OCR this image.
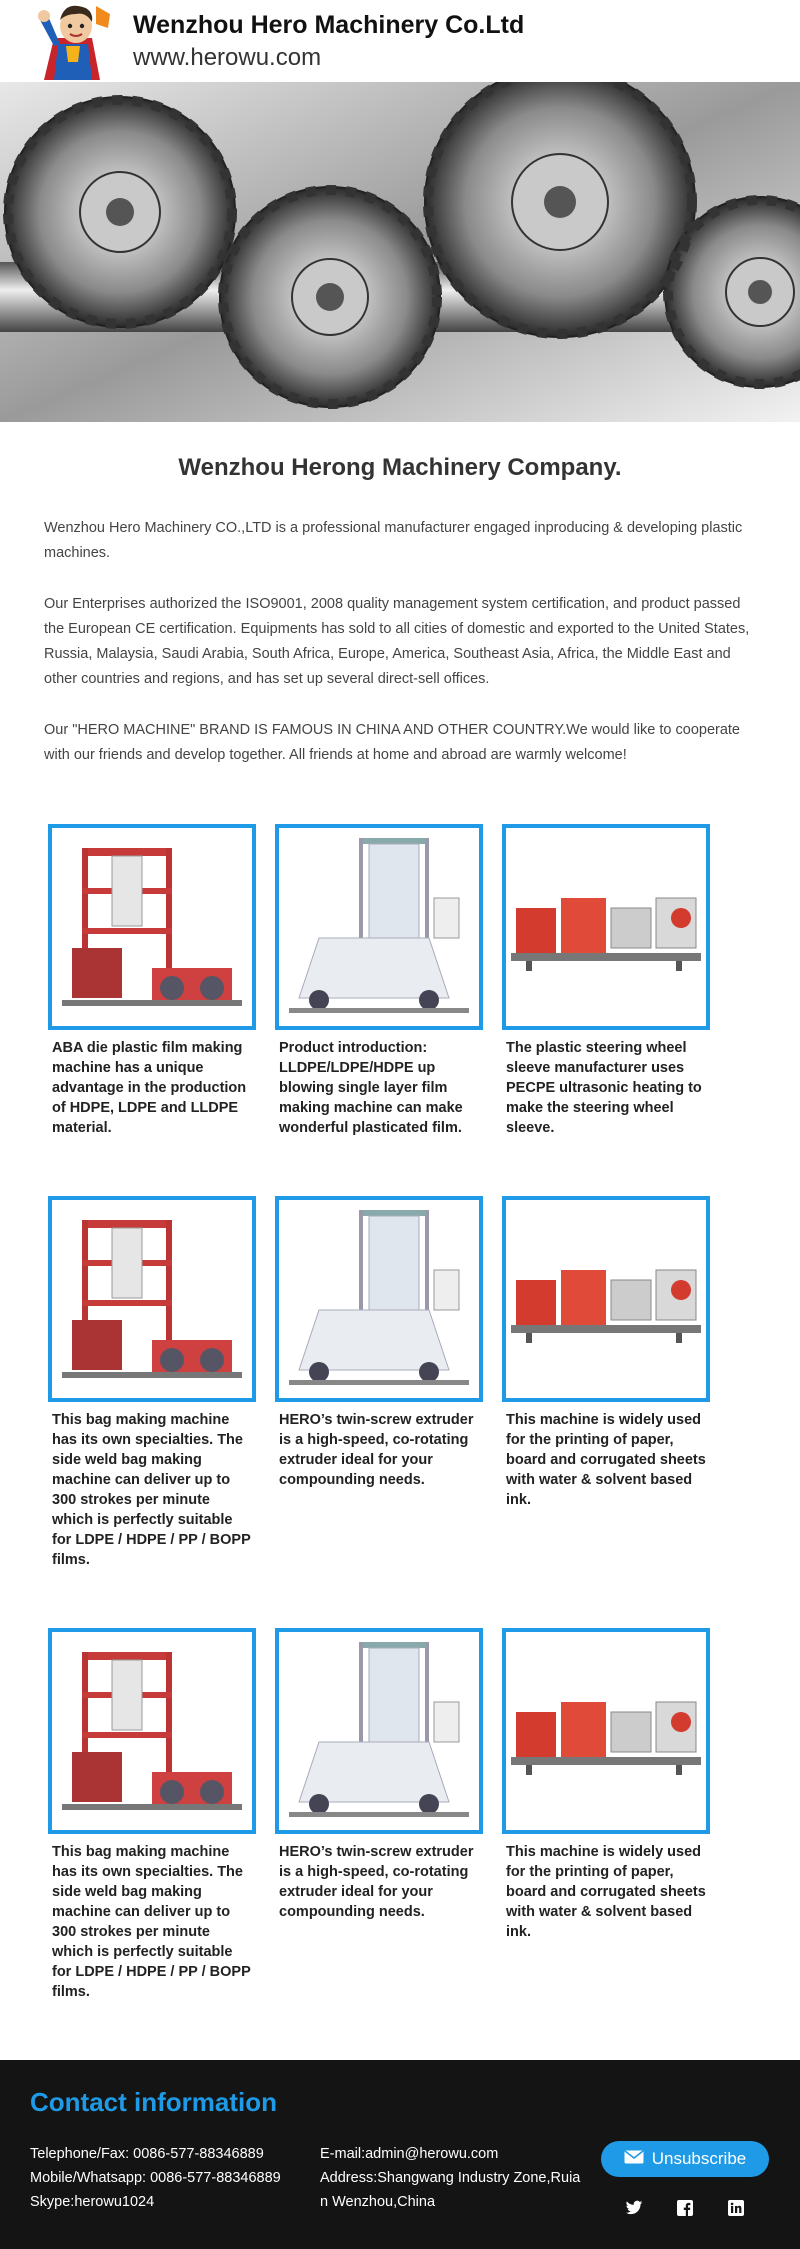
Wenzhou Hero Machinery Co.Ltd
www.herowu.com
Wenzhou Herong Machinery Company.

Wenzhou Hero Machinery CO.,LTD is a professional manufacturer engaged inproducing & developing plastic machines.

Our Enterprises authorized the ISO9001, 2008 quality management system certification, and product passed the European CE certification. Equipments has sold to all cities of domestic and exported to the United States, Russia, Malaysia, Saudi Arabia, South Africa, Europe, America, Southeast Asia, Africa, the Middle East and other countries and regions, and has set up several direct-sell offices.

Our "HERO MACHINE" BRAND IS FAMOUS IN CHINA AND OTHER COUNTRY.We would like to cooperate with our friends and develop together. All friends at home and abroad are warmly welcome!

ABA die plastic film making machine has a unique advantage in the production of HDPE, LDPE and LLDPE material.
Product introduction: LLDPE/LDPE/HDPE up blowing single layer film making machine can make wonderful plasticated film.
The plastic steering wheel sleeve manufacturer uses PECPE ultrasonic heating to make the steering wheel sleeve.
This bag making machine has its own specialties. The side weld bag making machine can deliver up to 300 strokes per minute which is perfectly suitable for LDPE / HDPE / PP / BOPP films.
HERO’s twin-screw extruder is a high-speed, co-rotating extruder ideal for your compounding needs.
This machine is widely used for the printing of paper, board and corrugated sheets with water & solvent based ink.
This bag making machine has its own specialties. The side weld bag making machine can deliver up to 300 strokes per minute which is perfectly suitable for LDPE / HDPE / PP / BOPP films.
HERO’s twin-screw extruder is a high-speed, co-rotating extruder ideal for your compounding needs.
This machine is widely used for the printing of paper, board and corrugated sheets with water & solvent based ink.
Contact information
Telephone/Fax: 0086-577-88346889
Mobile/Whatsapp: 0086-577-88346889
Skype:herowu1024
E-mail:admin@herowu.com
Address:Shangwang Industry Zone,Ruian Wenzhou,China
Unsubscribe
